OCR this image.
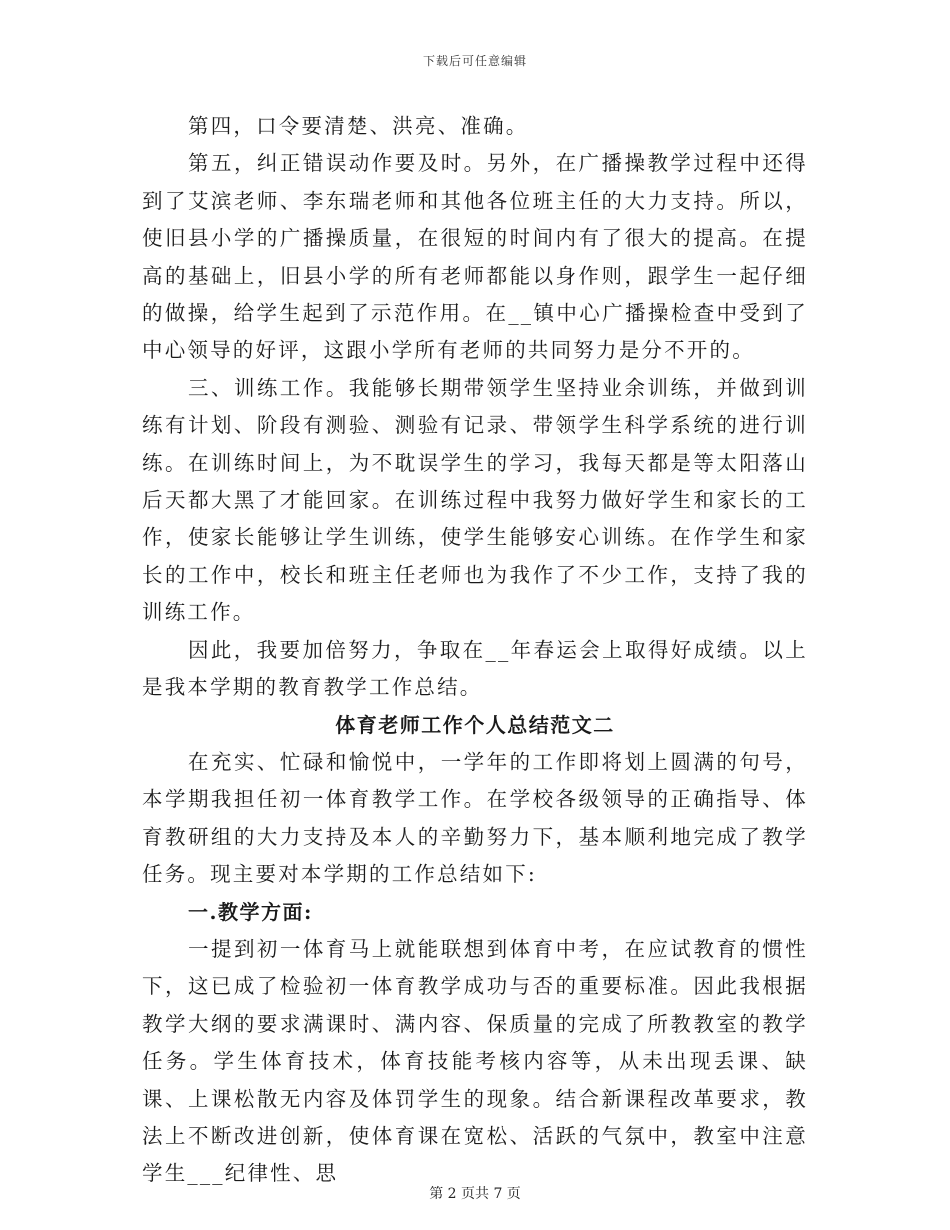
下载后可任意编辑

第四，口令要清楚、洪亮、准确。

第五，纠正错误动作要及时。另外，在广播操教学过程中还得到了艾滨老师、李东瑞老师和其他各位班主任的大力支持。所以，使旧县小学的广播操质量，在很短的时间内有了很大的提高。在提高的基础上，旧县小学的所有老师都能以身作则，跟学生一起仔细的做操，给学生起到了示范作用。在__镇中心广播操检查中受到了中心领导的好评，这跟小学所有老师的共同努力是分不开的。

三、训练工作。我能够长期带领学生坚持业余训练，并做到训练有计划、阶段有测验、测验有记录、带领学生科学系统的进行训练。在训练时间上，为不耽误学生的学习，我每天都是等太阳落山后天都大黑了才能回家。在训练过程中我努力做好学生和家长的工作，使家长能够让学生训练，使学生能够安心训练。在作学生和家长的工作中，校长和班主任老师也为我作了不少工作，支持了我的训练工作。

因此，我要加倍努力，争取在__年春运会上取得好成绩。以上是我本学期的教育教学工作总结。

体育老师工作个人总结范文二

在充实、忙碌和愉悦中，一学年的工作即将划上圆满的句号，本学期我担任初一体育教学工作。在学校各级领导的正确指导、体育教研组的大力支持及本人的辛勤努力下，基本顺利地完成了教学任务。现主要对本学期的工作总结如下:

一.教学方面:

一提到初一体育马上就能联想到体育中考，在应试教育的惯性下，这已成了检验初一体育教学成功与否的重要标准。因此我根据教学大纲的要求满课时、满内容、保质量的完成了所教教室的教学任务。学生体育技术，体育技能考核内容等，从未出现丢课、缺课、上课松散无内容及体罚学生的现象。结合新课程改革要求，教法上不断改进创新，使体育课在宽松、活跃的气氛中，教室中注意学生___纪律性、思

第 2 页共 7 页
